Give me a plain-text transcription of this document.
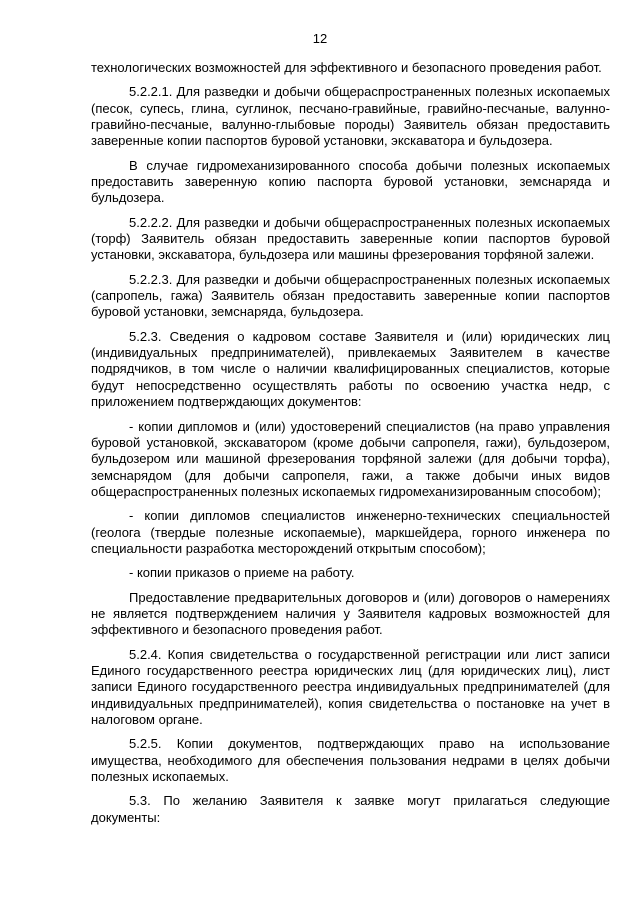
12

технологических возможностей для эффективного и безопасного проведения работ.

5.2.2.1. Для разведки и добычи общераспространенных полезных ископаемых (песок, супесь, глина, суглинок, песчано-гравийные, гравийно-песчаные, валунно-гравийно-песчаные, валунно-глыбовые породы) Заявитель обязан предоставить заверенные копии паспортов буровой установки, экскаватора и бульдозера.

В случае гидромеханизированного способа добычи полезных ископаемых предоставить заверенную копию паспорта буровой установки, земснаряда и бульдозера.

5.2.2.2. Для разведки и добычи общераспространенных полезных ископаемых (торф) Заявитель обязан предоставить заверенные копии паспортов буровой установки, экскаватора, бульдозера или машины фрезерования торфяной залежи.

5.2.2.3. Для разведки и добычи общераспространенных полезных ископаемых (сапропель, гажа) Заявитель обязан предоставить заверенные копии паспортов буровой установки, земснаряда, бульдозера.

5.2.3. Сведения о кадровом составе Заявителя и (или) юридических лиц (индивидуальных предпринимателей), привлекаемых Заявителем в качестве подрядчиков, в том числе о наличии квалифицированных специалистов, которые будут непосредственно осуществлять работы по освоению участка недр, с приложением подтверждающих документов:

- копии дипломов и (или) удостоверений специалистов (на право управления буровой установкой, экскаватором (кроме добычи сапропеля, гажи), бульдозером, бульдозером или машиной фрезерования торфяной залежи (для добычи торфа), земснарядом (для добычи сапропеля, гажи, а также добычи иных видов общераспространенных полезных ископаемых гидромеханизированным способом);

- копии дипломов специалистов инженерно-технических специальностей (геолога (твердые полезные ископаемые), маркшейдера, горного инженера по специальности разработка месторождений открытым способом);

- копии приказов о приеме на работу.

Предоставление предварительных договоров и (или) договоров о намерениях не является подтверждением наличия у Заявителя кадровых возможностей для эффективного и безопасного проведения работ.

5.2.4. Копия свидетельства о государственной регистрации или лист записи Единого государственного реестра юридических лиц (для юридических лиц), лист записи Единого государственного реестра индивидуальных предпринимателей (для индивидуальных предпринимателей), копия свидетельства о постановке на учет в налоговом органе.

5.2.5. Копии документов, подтверждающих право на использование имущества, необходимого для обеспечения пользования недрами в целях добычи полезных ископаемых.

5.3. По желанию Заявителя к заявке могут прилагаться следующие документы:
